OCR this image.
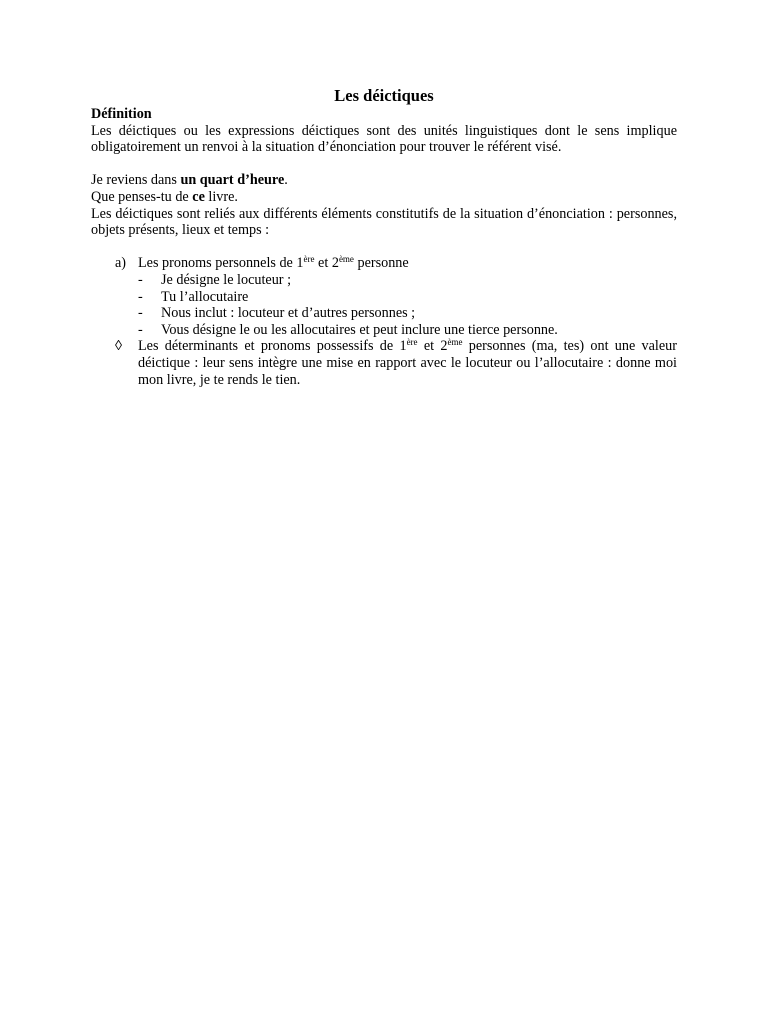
Les déictiques

Définition

Les déictiques ou les expressions déictiques sont des unités linguistiques dont le sens implique obligatoirement un renvoi à la situation d’énonciation pour trouver le référent visé.

Je reviens dans un quart d’heure.

Que penses-tu de ce livre.

Les déictiques sont reliés aux différents éléments constitutifs de la situation d’énonciation : personnes, objets présents, lieux et temps :

a) Les pronoms personnels de 1ère et 2ème personne
-	Je désigne le locuteur ;
-	Tu l’allocutaire
-	Nous inclut : locuteur et d’autres personnes ;
-	Vous désigne le ou les allocutaires et peut inclure une tierce personne.
◊	Les déterminants et pronoms possessifs de 1ère et 2ème personnes (ma, tes) ont une valeur déictique : leur sens intègre une mise en rapport avec le locuteur ou l’allocutaire : donne moi mon livre, je te rends le tien.
